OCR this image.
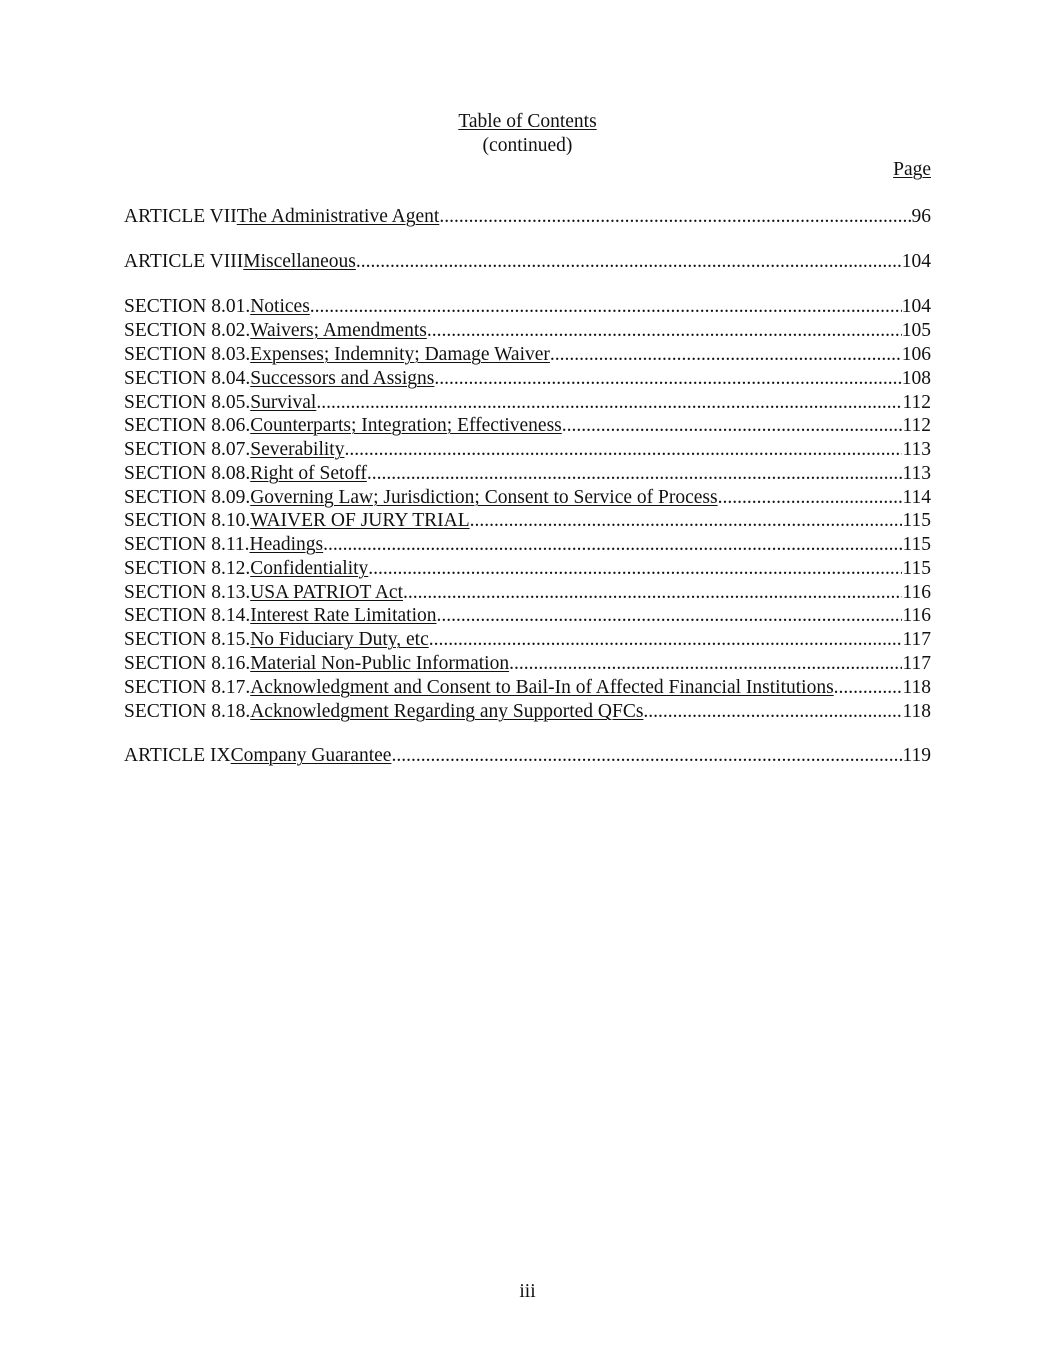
Table of Contents
(continued)
Page
ARTICLE VII The Administrative Agent .....	96
ARTICLE VIII Miscellaneous .....	104
SECTION 8.01. Notices .....	104
SECTION 8.02. Waivers; Amendments .....	105
SECTION 8.03. Expenses; Indemnity; Damage Waiver .....	106
SECTION 8.04. Successors and Assigns .....	108
SECTION 8.05. Survival .....	112
SECTION 8.06. Counterparts; Integration; Effectiveness .....	112
SECTION 8.07. Severability .....	113
SECTION 8.08. Right of Setoff .....	113
SECTION 8.09. Governing Law; Jurisdiction; Consent to Service of Process .....	114
SECTION 8.10. WAIVER OF JURY TRIAL .....	115
SECTION 8.11. Headings .....	115
SECTION 8.12. Confidentiality .....	115
SECTION 8.13. USA PATRIOT Act .....	116
SECTION 8.14. Interest Rate Limitation .....	116
SECTION 8.15. No Fiduciary Duty, etc .....	117
SECTION 8.16. Material Non-Public Information .....	117
SECTION 8.17. Acknowledgment and Consent to Bail-In of Affected Financial Institutions .....	118
SECTION 8.18. Acknowledgment Regarding any Supported QFCs .....	118
ARTICLE IX Company Guarantee .....	119
iii
